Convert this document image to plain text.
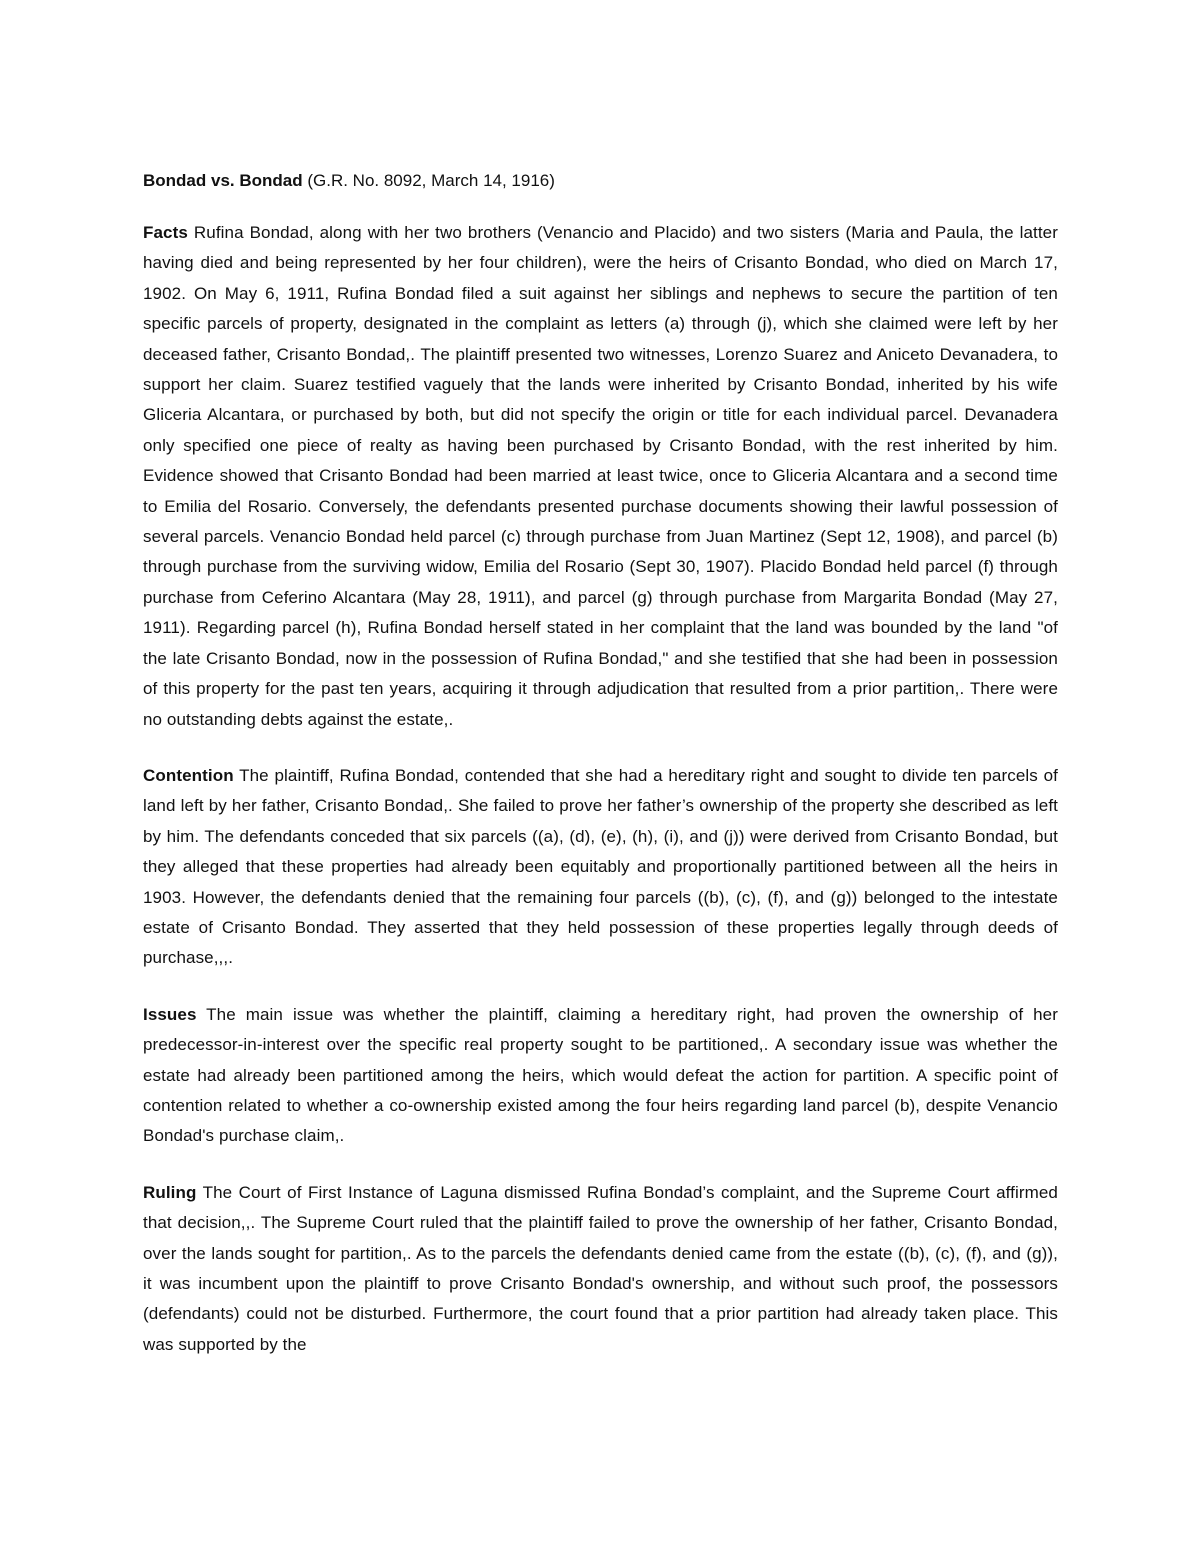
Bondad vs. Bondad (G.R. No. 8092, March 14, 1916)

Facts Rufina Bondad, along with her two brothers (Venancio and Placido) and two sisters (Maria and Paula, the latter having died and being represented by her four children), were the heirs of Crisanto Bondad, who died on March 17, 1902. On May 6, 1911, Rufina Bondad filed a suit against her siblings and nephews to secure the partition of ten specific parcels of property, designated in the complaint as letters (a) through (j), which she claimed were left by her deceased father, Crisanto Bondad,. The plaintiff presented two witnesses, Lorenzo Suarez and Aniceto Devanadera, to support her claim. Suarez testified vaguely that the lands were inherited by Crisanto Bondad, inherited by his wife Gliceria Alcantara, or purchased by both, but did not specify the origin or title for each individual parcel. Devanadera only specified one piece of realty as having been purchased by Crisanto Bondad, with the rest inherited by him. Evidence showed that Crisanto Bondad had been married at least twice, once to Gliceria Alcantara and a second time to Emilia del Rosario. Conversely, the defendants presented purchase documents showing their lawful possession of several parcels. Venancio Bondad held parcel (c) through purchase from Juan Martinez (Sept 12, 1908), and parcel (b) through purchase from the surviving widow, Emilia del Rosario (Sept 30, 1907). Placido Bondad held parcel (f) through purchase from Ceferino Alcantara (May 28, 1911), and parcel (g) through purchase from Margarita Bondad (May 27, 1911). Regarding parcel (h), Rufina Bondad herself stated in her complaint that the land was bounded by the land "of the late Crisanto Bondad, now in the possession of Rufina Bondad," and she testified that she had been in possession of this property for the past ten years, acquiring it through adjudication that resulted from a prior partition,. There were no outstanding debts against the estate,.

Contention The plaintiff, Rufina Bondad, contended that she had a hereditary right and sought to divide ten parcels of land left by her father, Crisanto Bondad,. She failed to prove her father’s ownership of the property she described as left by him. The defendants conceded that six parcels ((a), (d), (e), (h), (i), and (j)) were derived from Crisanto Bondad, but they alleged that these properties had already been equitably and proportionally partitioned between all the heirs in 1903. However, the defendants denied that the remaining four parcels ((b), (c), (f), and (g)) belonged to the intestate estate of Crisanto Bondad. They asserted that they held possession of these properties legally through deeds of purchase,,,.

Issues The main issue was whether the plaintiff, claiming a hereditary right, had proven the ownership of her predecessor-in-interest over the specific real property sought to be partitioned,. A secondary issue was whether the estate had already been partitioned among the heirs, which would defeat the action for partition. A specific point of contention related to whether a co-ownership existed among the four heirs regarding land parcel (b), despite Venancio Bondad's purchase claim,.

Ruling The Court of First Instance of Laguna dismissed Rufina Bondad’s complaint, and the Supreme Court affirmed that decision,,. The Supreme Court ruled that the plaintiff failed to prove the ownership of her father, Crisanto Bondad, over the lands sought for partition,. As to the parcels the defendants denied came from the estate ((b), (c), (f), and (g)), it was incumbent upon the plaintiff to prove Crisanto Bondad's ownership, and without such proof, the possessors (defendants) could not be disturbed. Furthermore, the court found that a prior partition had already taken place. This was supported by the
